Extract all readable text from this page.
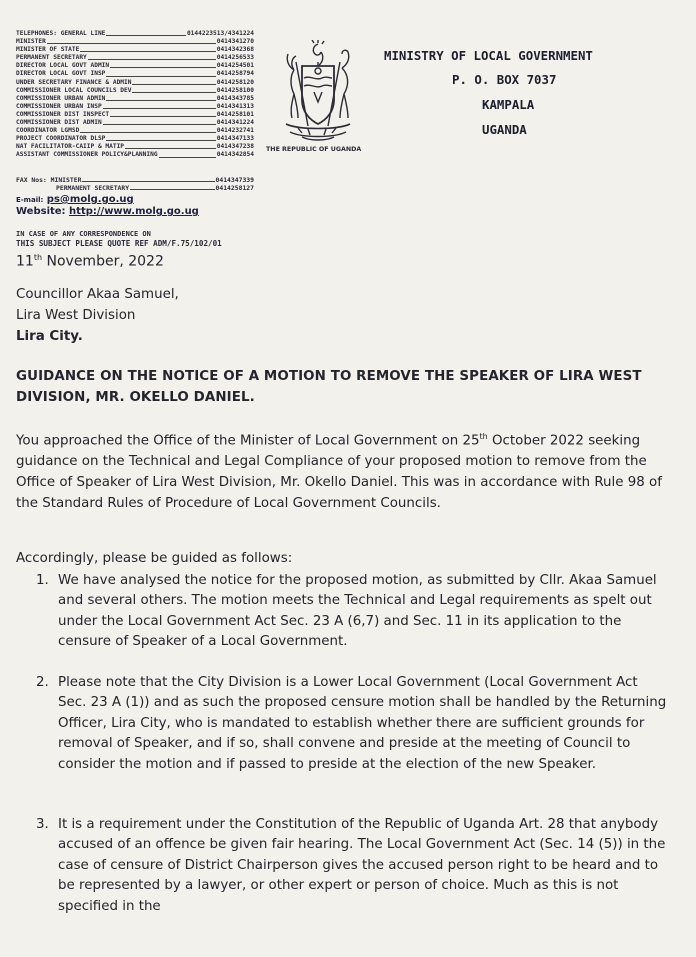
TELEPHONES: GENERAL LINE	0144223513/4341224
MINISTER	0414341270
MINISTER OF STATE	0414342368
PERMANENT SECRETARY	0414256533
DIRECTOR LOCAL GOVT ADMIN	0414254501
DIRECTOR LOCAL GOVT INSP	0414258794
UNDER SECRETARY FINANCE & ADMIN	0414258120
COMMISSIONER LOCAL COUNCILS DEV	0414258100
COMMISSIONER URBAN ADMIN	0414343785
COMMISSIONER URBAN INSP	0414341313
COMMISSIONER DIST INSPECT	0414258101
COMMISSIONER DIST ADMIN	0414341224
COORDINATOR LGMSD	0414232741
PROJECT COORDINATOR DLSP	0414347133
NAT FACILITATOR-CAIIP & MATIP	0414347238
ASSISTANT COMMISSIONER POLICY&PLANNING	0414342854
FAX Nos:
MINISTER	0414347339
PERMANENT SECRETARY	0414258127
E-mail: ps@molg.go.ug
Website: http://www.molg.go.ug
IN CASE OF ANY CORRESPONDENCE ON
THIS SUBJECT PLEASE QUOTE REF ADM/F.75/102/01
THE REPUBLIC OF UGANDA
MINISTRY OF LOCAL GOVERNMENT
P. O. BOX 7037
KAMPALA
UGANDA
11th November, 2022
Councillor Akaa Samuel,
Lira West Division
Lira City.
GUIDANCE ON THE NOTICE OF A MOTION TO REMOVE THE SPEAKER OF LIRA WEST
DIVISION, MR. OKELLO DANIEL.
You approached the Office of the Minister of Local Government on 25th October 2022 seeking guidance on the Technical and Legal Compliance of your proposed motion to remove from the Office of Speaker of Lira West Division, Mr. Okello Daniel. This was in accordance with Rule 98 of the Standard Rules of Procedure of Local Government Councils.
Accordingly, please be guided as follows:
1. We have analysed the notice for the proposed motion, as submitted by Cllr. Akaa Samuel and several others. The motion meets the Technical and Legal requirements as spelt out under the Local Government Act Sec. 23 A (6,7) and Sec. 11 in its application to the censure of Speaker of a Local Government.
2. Please note that the City Division is a Lower Local Government (Local Government Act Sec. 23 A (1)) and as such the proposed censure motion shall be handled by the Returning Officer, Lira City, who is mandated to establish whether there are sufficient grounds for removal of Speaker, and if so, shall convene and preside at the meeting of Council to consider the motion and if passed to preside at the election of the new Speaker.
3. It is a requirement under the Constitution of the Republic of Uganda Art. 28 that anybody accused of an offence be given fair hearing. The Local Government Act (Sec. 14 (5)) in the case of censure of District Chairperson gives the accused person right to be heard and to be represented by a lawyer, or other expert or person of choice. Much as this is not specified in the
